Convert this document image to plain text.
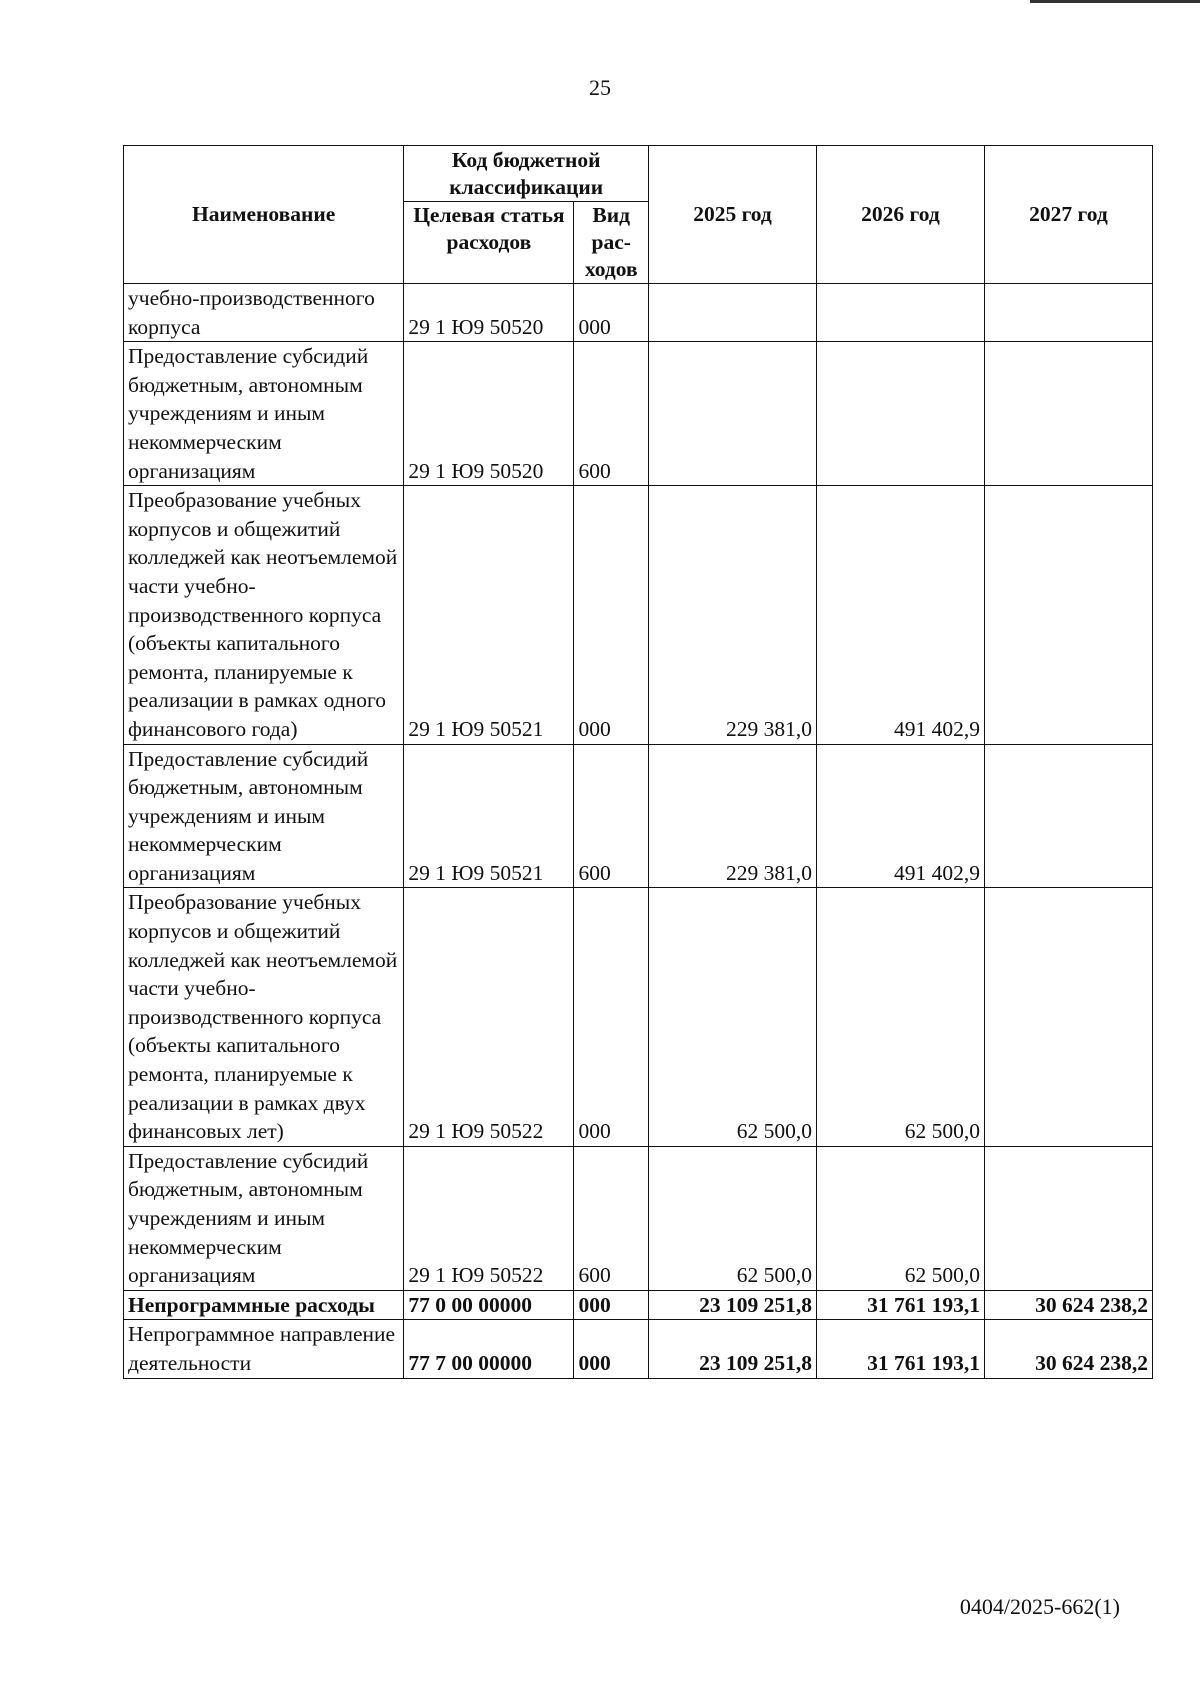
25
Наименование	Код бюджетной классификации		2025 год	2026 год	2027 год
	Целевая статья расходов	Вид рас-ходов			
учебно-производственного корпуса	29 1 Ю9 50520	000			
Предоставление субсидий бюджетным, автономным учреждениям и иным некоммерческим организациям	29 1 Ю9 50520	600			
Преобразование учебных корпусов и общежитий колледжей как неотъемлемой части учебно-производственного корпуса (объекты капитального ремонта, планируемые к реализации в рамках одного финансового года)	29 1 Ю9 50521	000	229 381,0	491 402,9	
Предоставление субсидий бюджетным, автономным учреждениям и иным некоммерческим организациям	29 1 Ю9 50521	600	229 381,0	491 402,9	
Преобразование учебных корпусов и общежитий колледжей как неотъемлемой части учебно-производственного корпуса (объекты капитального ремонта, планируемые к реализации в рамках двух финансовых лет)	29 1 Ю9 50522	000	62 500,0	62 500,0	
Предоставление субсидий бюджетным, автономным учреждениям и иным некоммерческим организациям	29 1 Ю9 50522	600	62 500,0	62 500,0	
Непрограммные расходы	77 0 00 00000	000	23 109 251,8	31 761 193,1	30 624 238,2
Непрограммное направление деятельности	77 7 00 00000	000	23 109 251,8	31 761 193,1	30 624 238,2
0404/2025-662(1)
